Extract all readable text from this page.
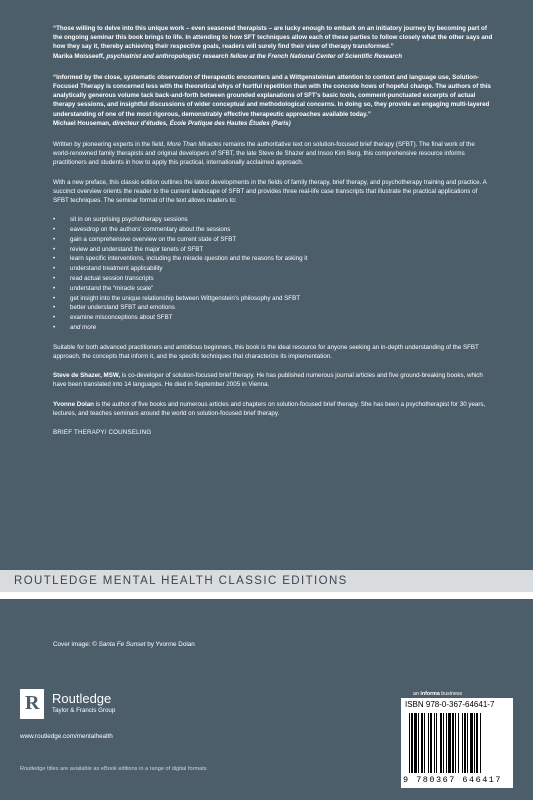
“Those willing to delve into this unique work – even seasoned therapists – are lucky enough to embark on an initiatory journey by becoming part of the ongoing seminar this book brings to life. In attending to how SFT techniques allow each of these parties to follow closely what the other says and how they say it, thereby achieving their respective goals, readers will surely find their view of therapy transformed.”

Marika Moisseeff, psychiatrist and anthropologist; research fellow at the French National Center of Scientific Research

“Informed by the close, systematic observation of therapeutic encounters and a Wittgensteinian attention to context and language use, Solution-Focused Therapy is concerned less with the theoretical whys of hurtful repetition than with the concrete hows of hopeful change. The authors of this analytically generous volume tack back-and-forth between grounded explanations of SFT’s basic tools, comment-punctuated excerpts of actual therapy sessions, and insightful discussions of wider conceptual and methodological concerns. In doing so, they provide an engaging multi-layered understanding of one of the most rigorous, demonstrably effective therapeutic approaches available today.”

Michael Houseman, directeur d’études, École Pratique des Hautes Études (Paris)

Written by pioneering experts in the field, More Than Miracles remains the authoritative text on solution-focused brief therapy (SFBT). The final work of the world-renowned family therapists and original developers of SFBT, the late Steve de Shazer and Insoo Kim Berg, this comprehensive resource informs practitioners and students in how to apply this practical, internationally acclaimed approach.

With a new preface, this classic edition outlines the latest developments in the fields of family therapy, brief therapy, and psychotherapy training and practice. A succinct overview orients the reader to the current landscape of SFBT and provides three real-life case transcripts that illustrate the practical applications of SFBT techniques. The seminar format of the text allows readers to:

• sit in on surprising psychotherapy sessions
• eavesdrop on the authors’ commentary about the sessions
• gain a comprehensive overview on the current state of SFBT
• review and understand the major tenets of SFBT
• learn specific interventions, including the miracle question and the reasons for asking it
• understand treatment applicability
• read actual session transcripts
• understand the “miracle scale”
• get insight into the unique relationship between Wittgenstein’s philosophy and SFBT
• better understand SFBT and emotions
• examine misconceptions about SFBT
• and more

Suitable for both advanced practitioners and ambitious beginners, this book is the ideal resource for anyone seeking an in-depth understanding of the SFBT approach, the concepts that inform it, and the specific techniques that characterize its implementation.

Steve de Shazer, MSW, is co-developer of solution-focused brief therapy. He has published numerous journal articles and five ground-breaking books, which have been translated into 14 languages. He died in September 2005 in Vienna.

Yvonne Dolan is the author of five books and numerous articles and chapters on solution-focused brief therapy. She has been a psychotherapist for 30 years, lectures, and teaches seminars around the world on solution-focused brief therapy.

BRIEF THERAPY/ COUNSELING

ROUTLEDGE MENTAL HEALTH CLASSIC EDITIONS
Cover image: © Santa Fe Sunset by Yvonne Dolan
R
Routledge
Taylor & Francis Group
www.routledge.com/mentalhealth
Routledge titles are available as eBook editions in a range of digital formats
an informa business
ISBN 978-0-367-64641-7
9 780367 646417
